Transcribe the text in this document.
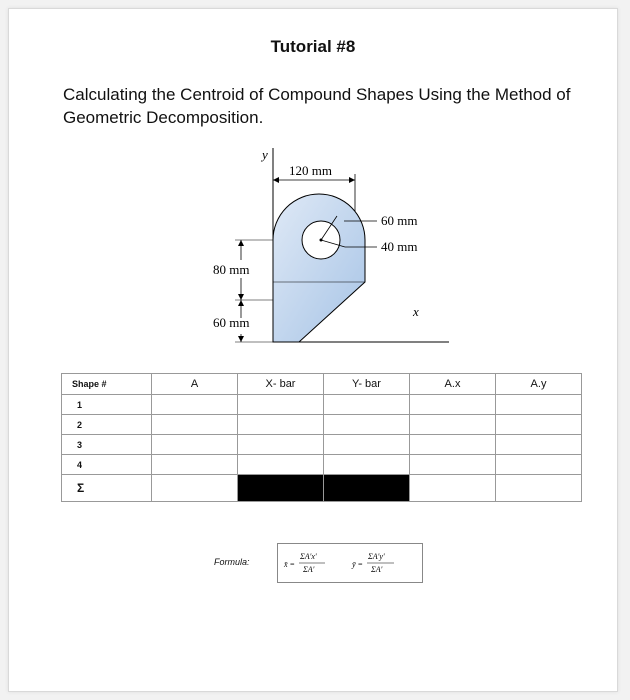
Tutorial #8
Calculating the Centroid of Compound Shapes Using the Method of Geometric Decomposition.
y
120 mm
60 mm
40 mm
80 mm
60 mm
x
Shape #	A	X- bar	Y- bar	A.x	A.y
1					
2					
3					
4					
Σ					
Formula:	x̄ =
ΣA'x'
ΣA'
ȳ =
ΣA'y'
ΣA'
